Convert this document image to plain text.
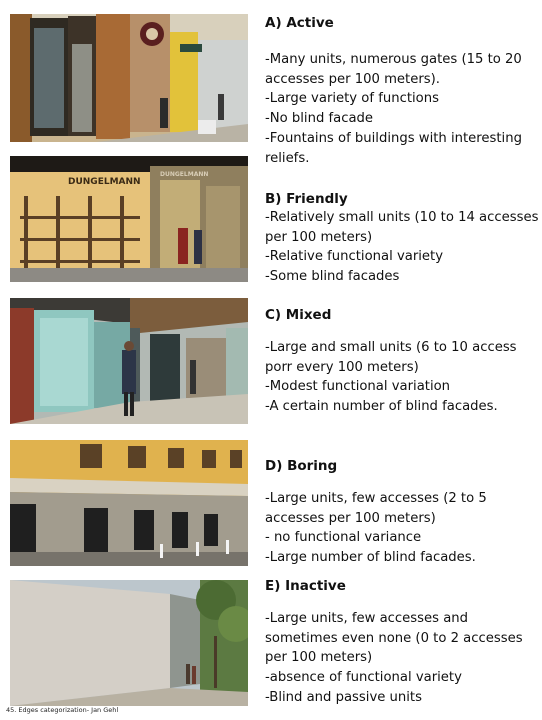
DUNGELMANN
DUNGELMANN

A) Active

-Many units, numerous gates (15 to 20

accesses per 100 meters).

-Large variety of functions

-No blind facade

-Fountains of buildings with interesting

reliefs.

B) Friendly

-Relatively small units (10 to 14 accesses

per 100 meters)

-Relative functional variety

-Some blind facades

C) Mixed

-Large and small units (6 to 10 access

porr every 100 meters)

-Modest functional variation

-A certain number of blind facades.

D) Boring

-Large units, few accesses (2 to 5

accesses per 100 meters)

- no functional variance

-Large number of blind facades.

E) Inactive

-Large units, few accesses and

sometimes even none (0 to 2 accesses

per 100 meters)

-absence of functional variety

-Blind and passive units

45. Edges categorization- Jan Gehl
